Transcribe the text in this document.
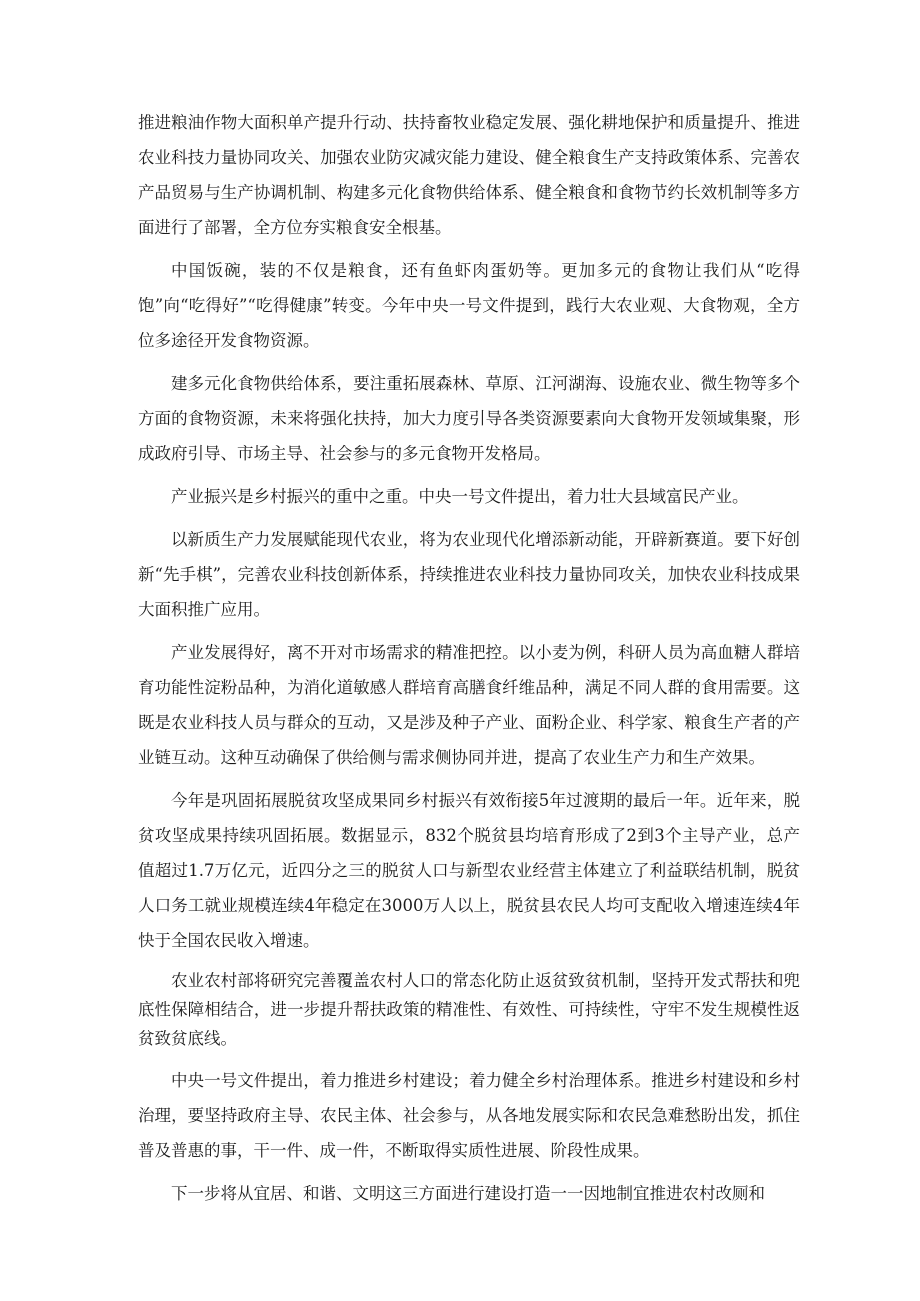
推进粮油作物大面积单产提升行动、扶持畜牧业稳定发展、强化耕地保护和质量提升、推进农业科技力量协同攻关、加强农业防灾减灾能力建设、健全粮食生产支持政策体系、完善农产品贸易与生产协调机制、构建多元化食物供给体系、健全粮食和食物节约长效机制等多方面进行了部署，全方位夯实粮食安全根基。

中国饭碗，装的不仅是粮食，还有鱼虾肉蛋奶等。更加多元的食物让我们从“吃得饱”向“吃得好”“吃得健康”转变。今年中央一号文件提到，践行大农业观、大食物观，全方位多途径开发食物资源。

建多元化食物供给体系，要注重拓展森林、草原、江河湖海、设施农业、微生物等多个方面的食物资源，未来将强化扶持，加大力度引导各类资源要素向大食物开发领域集聚，形成政府引导、市场主导、社会参与的多元食物开发格局。

产业振兴是乡村振兴的重中之重。中央一号文件提出，着力壮大县域富民产业。

以新质生产力发展赋能现代农业，将为农业现代化增添新动能，开辟新赛道。要下好创新“先手棋”，完善农业科技创新体系，持续推进农业科技力量协同攻关，加快农业科技成果大面积推广应用。

产业发展得好，离不开对市场需求的精准把控。以小麦为例，科研人员为高血糖人群培育功能性淀粉品种，为消化道敏感人群培育高膳食纤维品种，满足不同人群的食用需要。这既是农业科技人员与群众的互动，又是涉及种子产业、面粉企业、科学家、粮食生产者的产业链互动。这种互动确保了供给侧与需求侧协同并进，提高了农业生产力和生产效果。

今年是巩固拓展脱贫攻坚成果同乡村振兴有效衔接5年过渡期的最后一年。近年来，脱贫攻坚成果持续巩固拓展。数据显示，832个脱贫县均培育形成了2到3个主导产业，总产值超过1.7万亿元，近四分之三的脱贫人口与新型农业经营主体建立了利益联结机制，脱贫人口务工就业规模连续4年稳定在3000万人以上，脱贫县农民人均可支配收入增速连续4年快于全国农民收入增速。

农业农村部将研究完善覆盖农村人口的常态化防止返贫致贫机制，坚持开发式帮扶和兜底性保障相结合，进一步提升帮扶政策的精准性、有效性、可持续性，守牢不发生规模性返贫致贫底线。

中央一号文件提出，着力推进乡村建设；着力健全乡村治理体系。推进乡村建设和乡村治理，要坚持政府主导、农民主体、社会参与，从各地发展实际和农民急难愁盼出发，抓住普及普惠的事，干一件、成一件，不断取得实质性进展、阶段性成果。

下一步将从宜居、和谐、文明这三方面进行建设打造一一因地制宜推进农村改厕和
